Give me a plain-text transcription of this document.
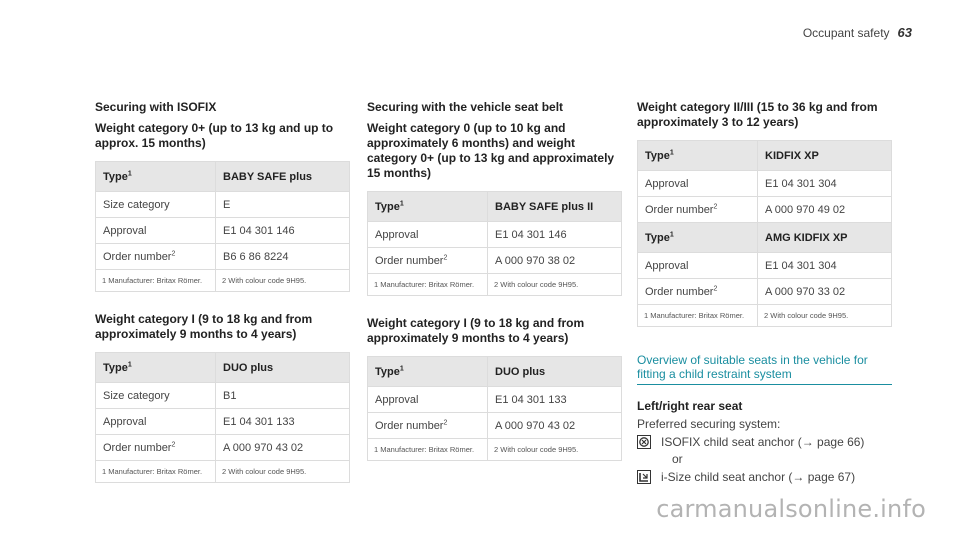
Occupant safety 63
Securing with ISOFIX
Weight category 0+ (up to 13 kg and up to approx. 15 months)
Type$^1$	BABY SAFE plus
Size category	E
Approval	E1 04 301 146
Order number$^2$	B6 6 86 8224
1 Manufacturer: Britax Römer.	2 With colour code 9H95.
Weight category I (9 to 18 kg and from approximately 9 months to 4 years)
Type$^1$	DUO plus
Size category	B1
Approval	E1 04 301 133
Order number$^2$	A 000 970 43 02
1 Manufacturer: Britax Römer.	2 With colour code 9H95.
Securing with the vehicle seat belt
Weight category 0 (up to 10 kg and approximately 6 months) and weight category 0+ (up to 13 kg and approximately 15 months)
Type$^1$	BABY SAFE plus II
Approval	E1 04 301 146
Order number$^2$	A 000 970 38 02
1 Manufacturer: Britax Römer.	2 With colour code 9H95.
Weight category I (9 to 18 kg and from approximately 9 months to 4 years)
Type$^1$	DUO plus
Approval	E1 04 301 133
Order number$^2$	A 000 970 43 02
1 Manufacturer: Britax Römer.	2 With colour code 9H95.
Weight category II/III (15 to 36 kg and from approximately 3 to 12 years)
Type$^1$	KIDFIX XP
Approval	E1 04 301 304
Order number$^2$	A 000 970 49 02
Type$^1$	AMG KIDFIX XP
Approval	E1 04 301 304
Order number$^2$	A 000 970 33 02
1 Manufacturer: Britax Römer.	2 With colour code 9H95.
Overview of suitable seats in the vehicle for fitting a child restraint system
Left/right rear seat
Preferred securing system:
ISOFIX child seat anchor (→ page 66)
or
i-Size child seat anchor (→ page 67)
carmanualsonline.info
